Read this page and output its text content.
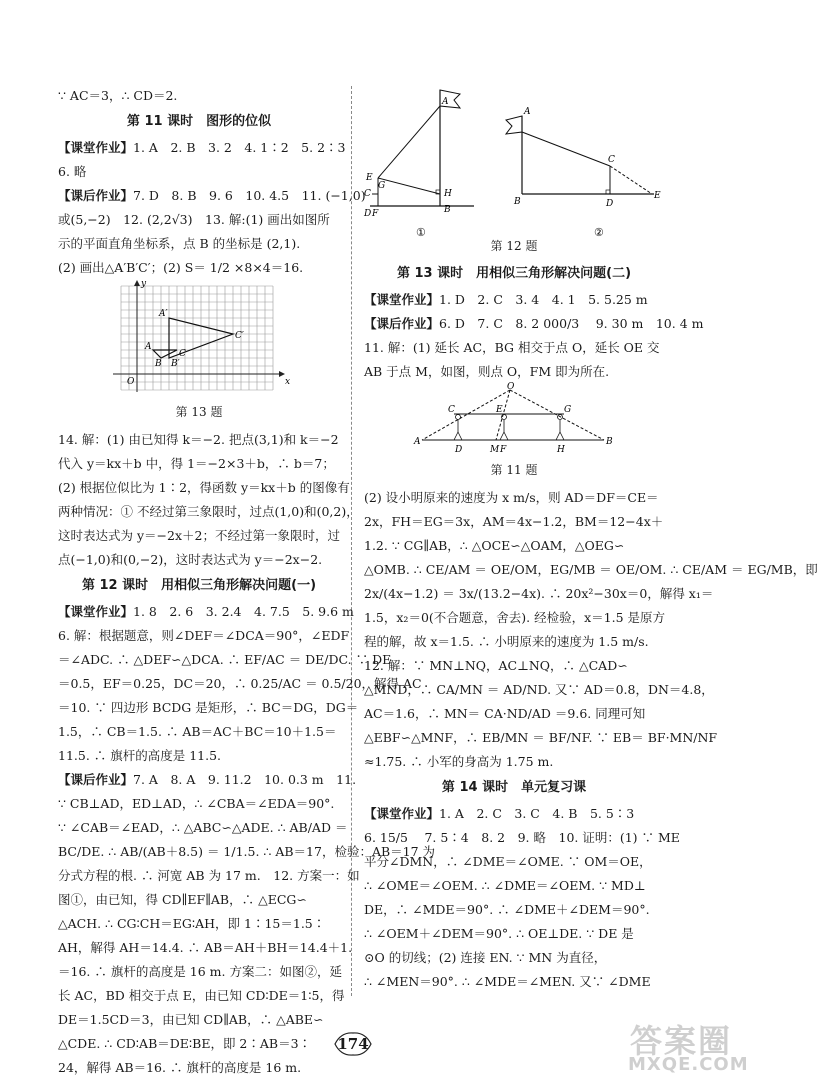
∵ AC＝3，∴ CD＝2.

第 11 课时　图形的位似

【课堂作业】1. A　2. B　3. 2　4. 1∶2　5. 2∶3

6. 略

【课后作业】7. D　8. B　9. 6　10. 4.5　11. (−1,0)

或(5,−2)　12. (2,2√3)　13. 解:(1) 画出如图所

示的平面直角坐标系，点 B 的坐标是 (2,1).

(2) 画出△A′B′C′；(2) S＝ 1/2 ×8×4＝16.

y
x
O
A
B
C
A′
B′
C′

第 13 题

14. 解：(1) 由已知得 k＝−2. 把点(3,1)和 k＝−2

代入 y＝kx＋b 中，得 1＝−2×3＋b，∴ b＝7；

(2) 根据位似比为 1∶2，得函数 y＝kx＋b 的图像有

两种情况：① 不经过第三象限时，过点(1,0)和(0,2)，

这时表达式为 y＝−2x＋2；不经过第一象限时，过

点(−1,0)和(0,−2)，这时表达式为 y＝−2x−2.

第 12 课时　用相似三角形解决问题(一)

【课堂作业】1. 8　2. 6　3. 2.4　4. 7.5　5. 9.6 m

6. 解：根据题意，则∠DEF＝∠DCA＝90°，∠EDF

＝∠ADC. ∴ △DEF∽△DCA. ∴ EF/AC ＝ DE/DC. ∵ DE

＝0.5，EF＝0.25，DC＝20，∴ 0.25/AC ＝ 0.5/20，解得 AC

＝10. ∵ 四边形 BCDG 是矩形，∴ BC＝DG，DG＝

1.5，∴ CB＝1.5. ∴ AB＝AC＋BC＝10＋1.5＝

11.5. ∴ 旗杆的高度是 11.5.

【课后作业】7. A　8. A　9. 11.2　10. 0.3 m　11.

∵ CB⊥AD，ED⊥AD，∴ ∠CBA＝∠EDA＝90°.

∵ ∠CAB＝∠EAD，∴ △ABC∽△ADE. ∴ AB/AD ＝

BC/DE. ∴ AB/(AB＋8.5) ＝ 1/1.5. ∴ AB＝17，检验：AB＝17 为

分式方程的根. ∴ 河宽 AB 为 17 m.　12. 方案一：如

图①，由已知，得 CD∥EF∥AB，∴ △ECG∽

△ACH. ∴ CG∶CH＝EG∶AH，即 1∶15＝1.5∶

AH，解得 AH＝14.4. ∴ AB＝AH＋BH＝14.4＋1.

＝16. ∴ 旗杆的高度是 16 m. 方案二：如图②，延

长 AC，BD 相交于点 E，由已知 CD∶DE＝1∶5，得

DE＝1.5CD＝3，由已知 CD∥AB，∴ △ABE∽

△CDE. ∴ CD∶AB＝DE∶BE，即 2∶AB＝3∶

24，解得 AB＝16. ∴ 旗杆的高度是 16 m.

A
E
G
C
D F
H
B
①
A
B
C
D
E
②

第 12 题

第 13 课时　用相似三角形解决问题(二)

【课堂作业】1. D　2. C　3. 4　4. 1　5. 5.25 m

【课后作业】6. D　7. C　8. 2 000/3 　9. 30 m　10. 4 m

11. 解：(1) 延长 AC，BG 相交于点 O，延长 OE 交

AB 于点 M，如图，则点 O，FM 即为所在.

O
C	E	G
A
D	M F	H
B

第 11 题

(2) 设小明原来的速度为 x m/s，则 AD＝DF＝CE＝

2x，FH＝EG＝3x，AM＝4x−1.2，BM＝12−4x＋

1.2. ∵ CG∥AB，∴ △OCE∽△OAM，△OEG∽

△OMB. ∴ CE/AM ＝ OE/OM，EG/MB ＝ OE/OM. ∴ CE/AM ＝ EG/MB，即

2x/(4x−1.2) ＝ 3x/(13.2−4x). ∴ 20x²−30x＝0，解得 x₁＝

1.5，x₂＝0(不合题意，舍去). 经检验，x＝1.5 是原方

程的解，故 x＝1.5. ∴ 小明原来的速度为 1.5 m/s.

12. 解：∵ MN⊥NQ，AC⊥NQ，∴ △CAD∽

△MND，∴ CA/MN ＝ AD/ND. 又∵ AD＝0.8，DN＝4.8，

AC＝1.6，∴ MN＝ CA·ND/AD ＝9.6. 同理可知

△EBF∽△MNF，∴ EB/MN ＝ BF/NF. ∵ EB＝ BF·MN/NF

≈1.75. ∴ 小军的身高为 1.75 m.

第 14 课时　单元复习课

【课堂作业】1. A　2. C　3. C　4. B　5. 5∶3

6. 15/5 　7. 5∶4　8. 2　9. 略　10. 证明：(1) ∵ ME

平分∠DMN，∴ ∠DME＝∠OME. ∵ OM＝OE，

∴ ∠OME＝∠OEM. ∴ ∠DME＝∠OEM. ∵ MD⊥

DE，∴ ∠MDE＝90°. ∴ ∠DME＋∠DEM＝90°.

∴ ∠OEM＋∠DEM＝90°. ∴ OE⊥DE. ∵ DE 是

⊙O 的切线；(2) 连接 EN. ∵ MN 为直径，

∴ ∠MEN＝90°. ∴ ∠MDE＝∠MEN. 又∵ ∠DME

174	答案圈
MXQE.COM
